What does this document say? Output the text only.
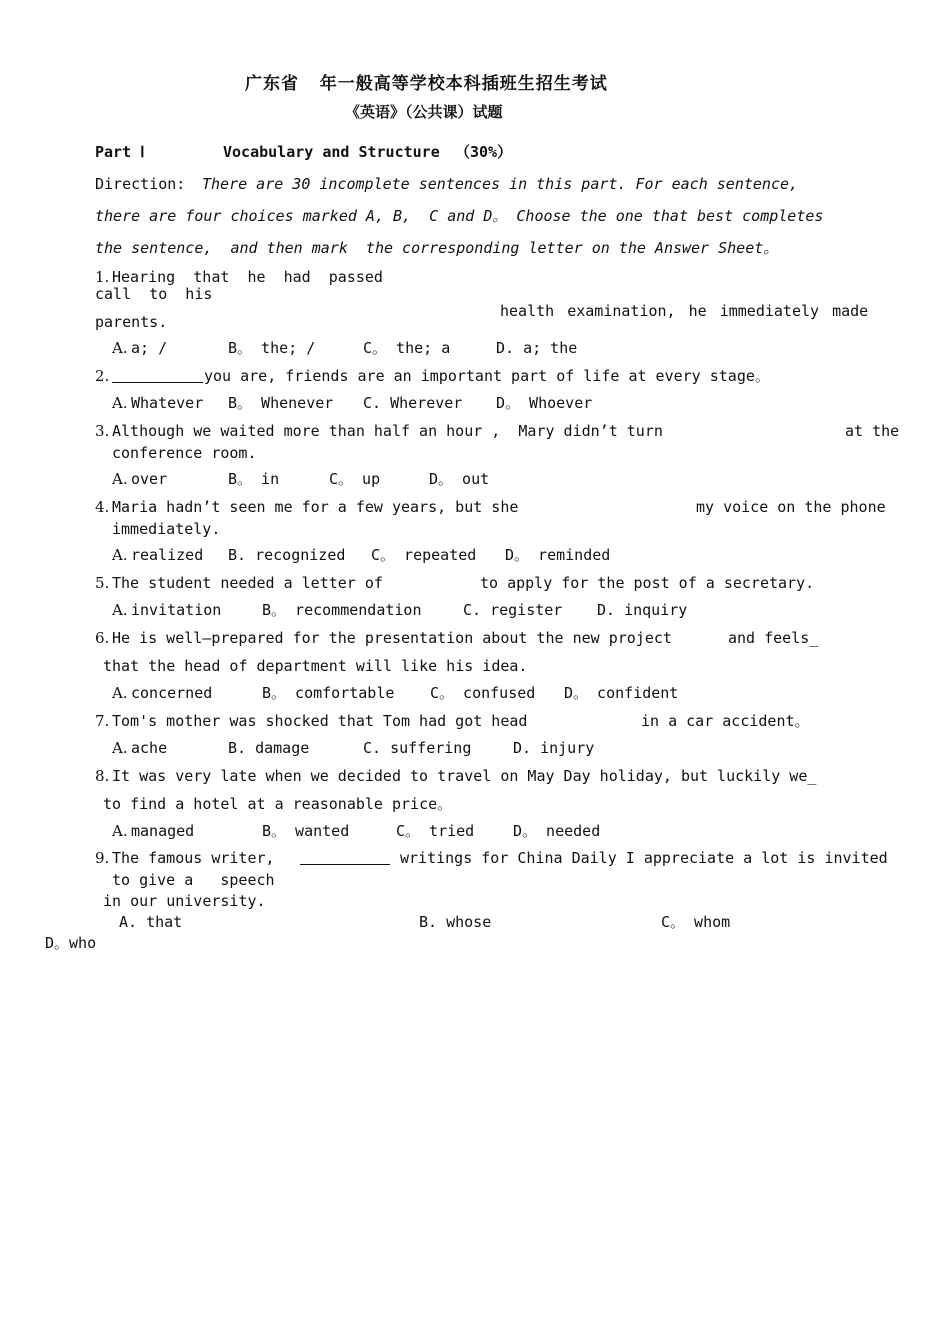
广东省   年一般高等学校本科插班生招生考试
《英语》（公共课）试题
Part Ⅰ	Vocabulary and Structure （30%）
Direction: There are 30 incomplete sentences in this part. For each sentence,
there are four choices marked A, B,  C and D。 Choose the one that best completes
the sentence,  and then mark  the corresponding letter on the Answer Sheet。
1. Hearing  that  he  had  passed

health examination, he immediately made

call  to  his
parents.
A. a; /	B。 the; /	C。 the; a	D. a; the
2.	you are, friends are an important part of life at every stage。
A. Whatever B。 Whenever C. Wherever D。 Whoever
3. Although we waited more than half an hour ,  Mary didn’t turn	at the
conference room.
A. over	B。 in	C。 up	D。 out
4. Maria hadn’t seen me for a few years, but she	my voice on the phone
immediately.
A. realized B. recognized C。 repeated D。 reminded
5. The student needed a letter of	to apply for the post of a secretary.
A. invitation	B。 recommendation	C. register D. inquiry
6. He is well—prepared for the presentation about the new project	and feels_
that the head of department will like his idea.
A. concerned	B。 comfortable C。 confused D。 confident
7. Tom's mother was shocked that Tom had got head	in a car accident。
A. ache	B. damage	C. suffering	D. injury
8. It was very late when we decided to travel on May Day holiday, but luckily we_
to find a hotel at a reasonable price。
A. managed	B。 wanted	C。 tried	D。 needed
9. The famous writer,	writings for China Daily I appreciate a lot is invited
to give a   speech
in our university.
A. that	B. whose	C。 whom
D。who
